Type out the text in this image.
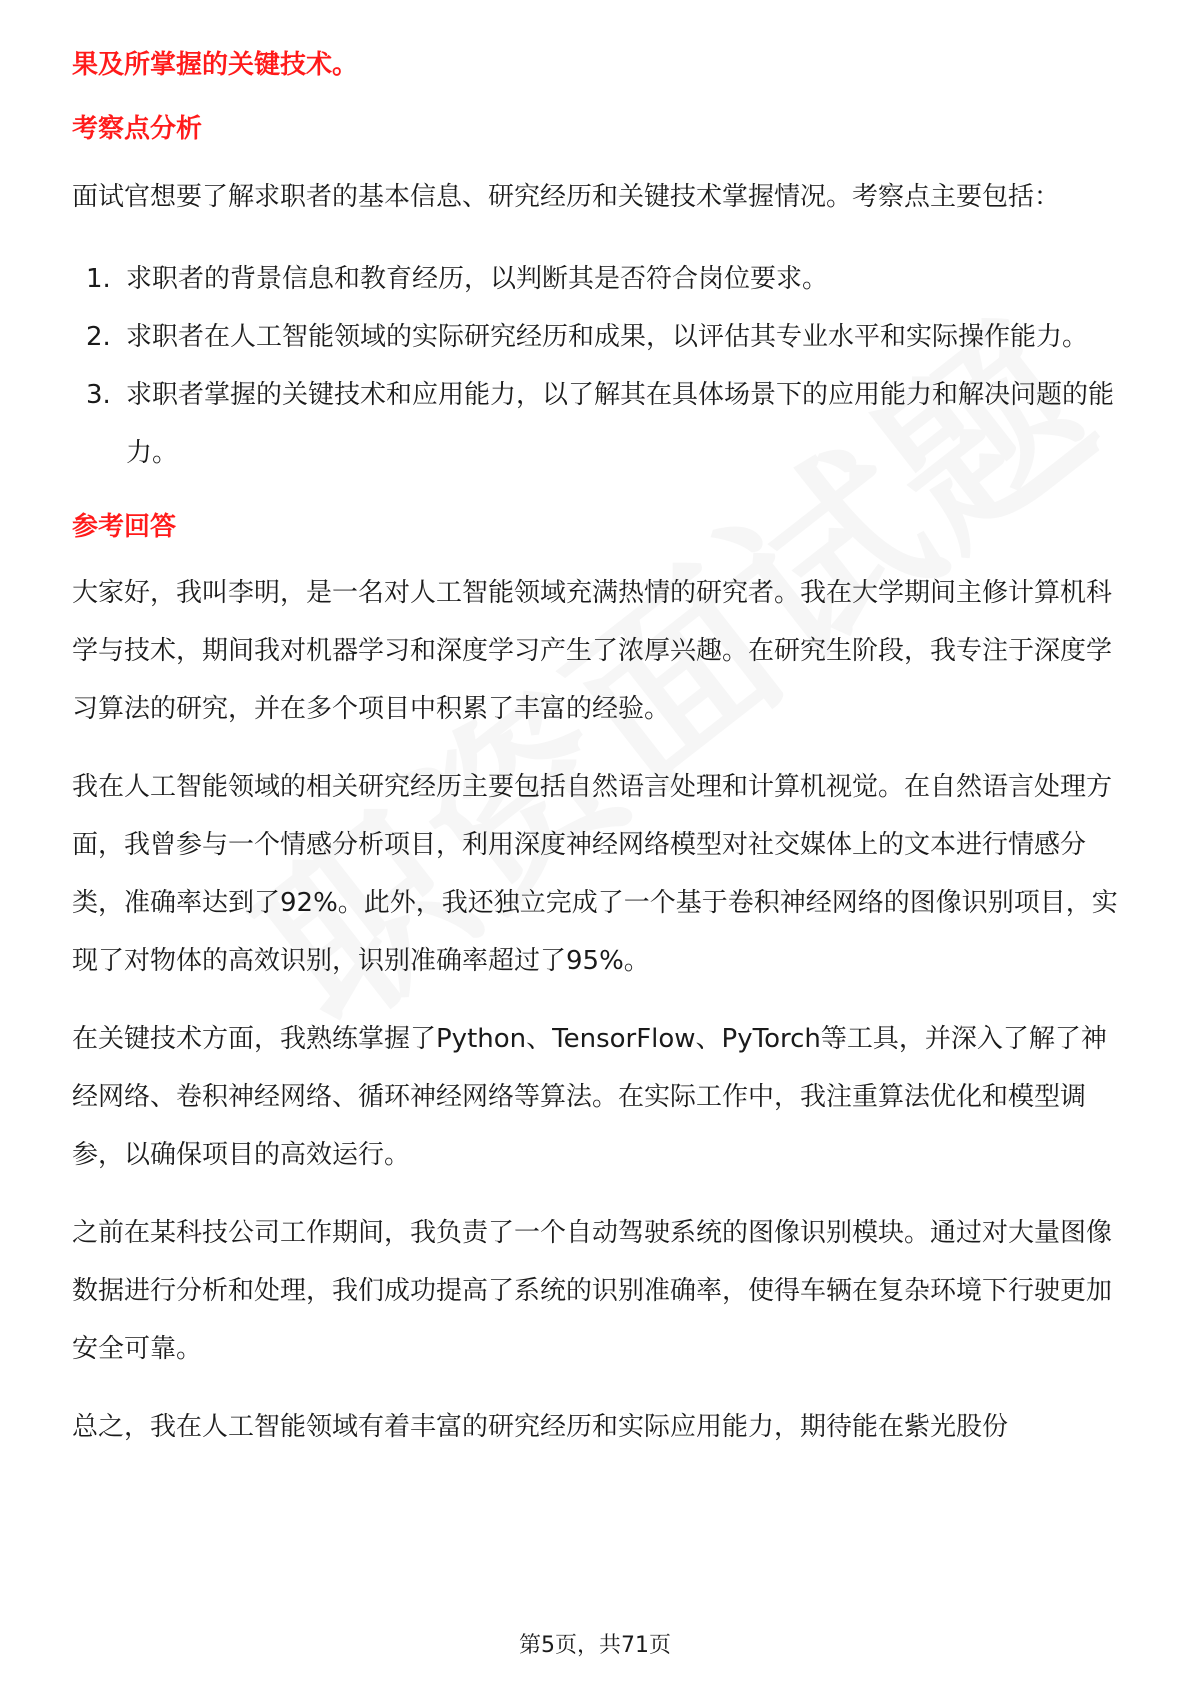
果及所掌握的关键技术。
考察点分析

面试官想要了解求职者的基本信息、研究经历和关键技术掌握情况。考察点主要包括：

1. 求职者的背景信息和教育经历，以判断其是否符合岗位要求。
2. 求职者在人工智能领域的实际研究经历和成果，以评估其专业水平和实际操作能力。
3. 求职者掌握的关键技术和应用能力，以了解其在具体场景下的应用能力和解决问题的能力。
参考回答

大家好，我叫李明，是一名对人工智能领域充满热情的研究者。我在大学期间主修计算机科学与技术，期间我对机器学习和深度学习产生了浓厚兴趣。在研究生阶段，我专注于深度学习算法的研究，并在多个项目中积累了丰富的经验。

我在人工智能领域的相关研究经历主要包括自然语言处理和计算机视觉。在自然语言处理方面，我曾参与一个情感分析项目，利用深度神经网络模型对社交媒体上的文本进行情感分类，准确率达到了92%。此外，我还独立完成了一个基于卷积神经网络的图像识别项目，实现了对物体的高效识别，识别准确率超过了95%。

在关键技术方面，我熟练掌握了Python、TensorFlow、PyTorch等工具，并深入了解了神经网络、卷积神经网络、循环神经网络等算法。在实际工作中，我注重算法优化和模型调参，以确保项目的高效运行。

之前在某科技公司工作期间，我负责了一个自动驾驶系统的图像识别模块。通过对大量图像数据进行分析和处理，我们成功提高了系统的识别准确率，使得车辆在复杂环境下行驶更加安全可靠。

总之，我在人工智能领域有着丰富的研究经历和实际应用能力，期待能在紫光股份

第5页，共71页
